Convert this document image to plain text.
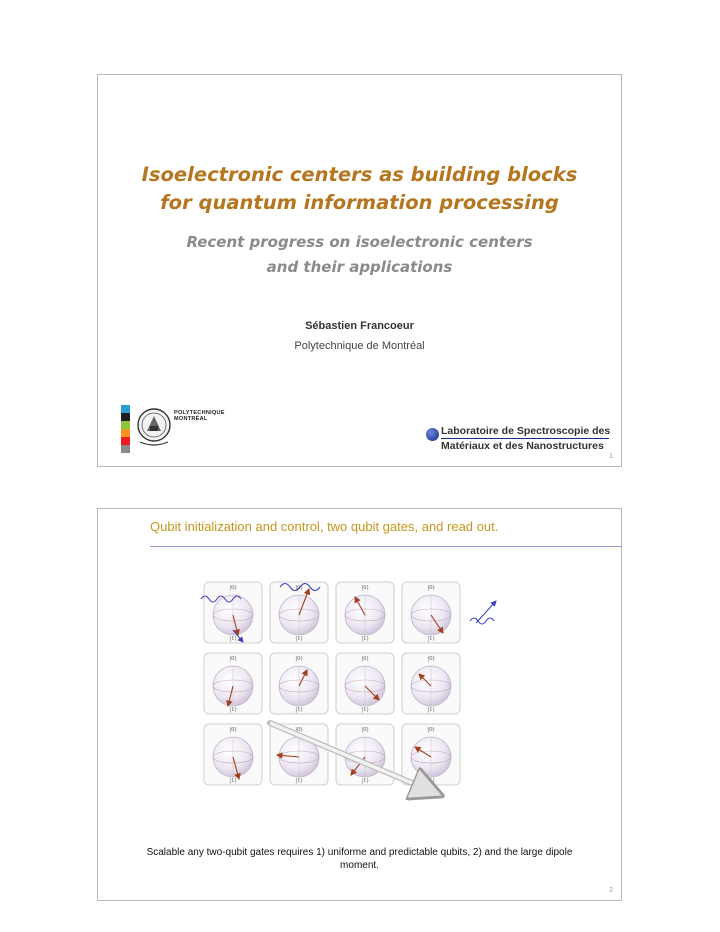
Isoelectronic centers as building blocks
for quantum information processing
Recent progress on isoelectronic centers
and their applications
Sébastien Francoeur
Polytechnique de Montréal
POLYTECHNIQUE
MONTRÉAL
Laboratoire de Spectroscopie des
Matériaux et des Nanostructures
1
Qubit initialization and control, two qubit gates, and read out.
|0⟩
|1⟩
|0⟩
|1⟩
|0⟩
|1⟩
|0⟩
|1⟩
|0⟩
|1⟩
|0⟩
|1⟩
|0⟩
|1⟩
|0⟩
|1⟩
|0⟩
|1⟩
|0⟩
|1⟩
|0⟩
|1⟩
|0⟩
|1⟩
Scalable any two-qubit gates requires 1) uniforme and predictable qubits, 2) and the large dipole
moment.
2
